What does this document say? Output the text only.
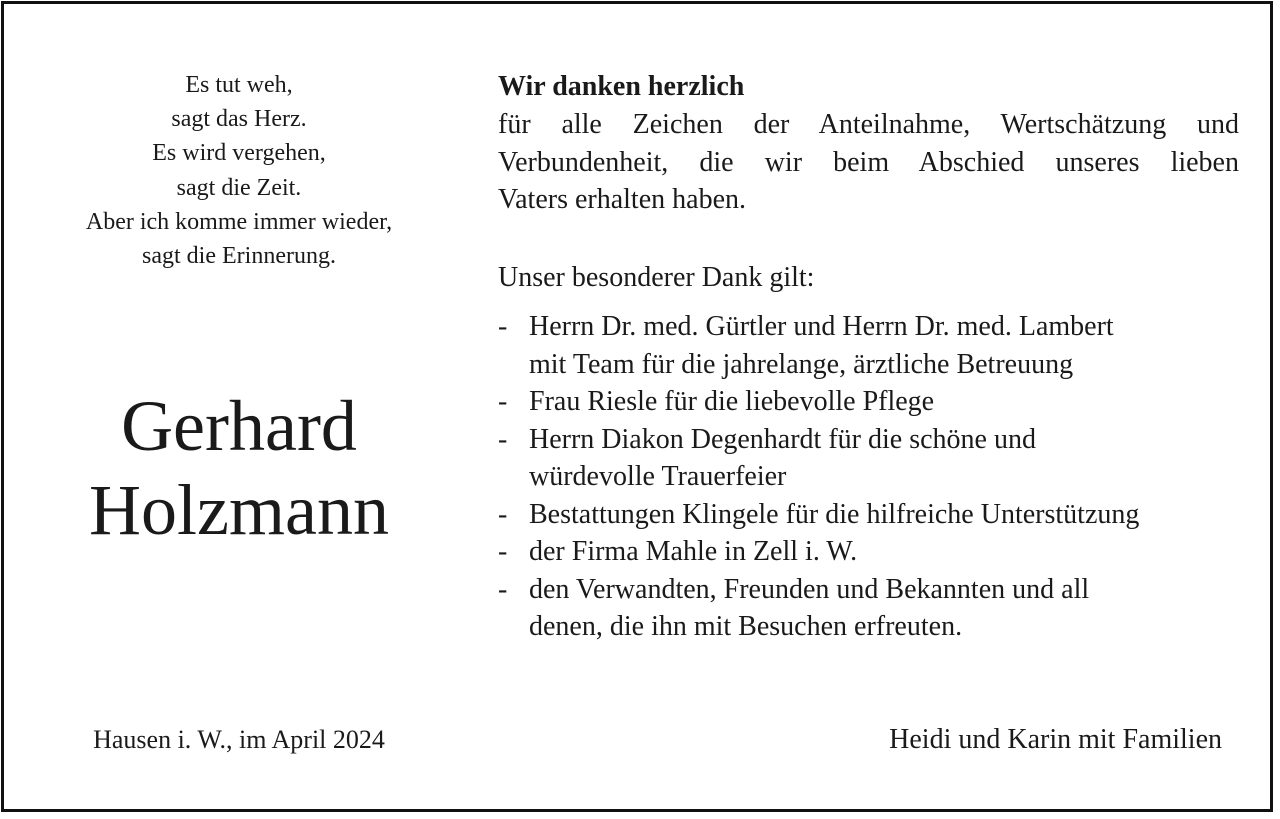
Es tut weh,
sagt das Herz.
Es wird vergehen,
sagt die Zeit.
Aber ich komme immer wieder,
sagt die Erinnerung.
Gerhard
Holzmann
Hausen i. W., im April 2024

Wir danken herzlich

für alle Zeichen der Anteilnahme, Wertschätzung und
Verbundenheit, die wir beim Abschied unseres lieben
Vaters erhalten haben.

Unser besonderer Dank gilt:

- Herrn Dr. med. Gürtler und Herrn Dr. med. Lambert
mit Team für die jahrelange, ärztliche Betreuung
- Frau Riesle für die liebevolle Pflege
- Herrn Diakon Degenhardt für die schöne und
würdevolle Trauerfeier
- Bestattungen Klingele für die hilfreiche Unterstützung
- der Firma Mahle in Zell i. W.
- den Verwandten, Freunden und Bekannten und all
denen, die ihn mit Besuchen erfreuten.
Heidi und Karin mit Familien
